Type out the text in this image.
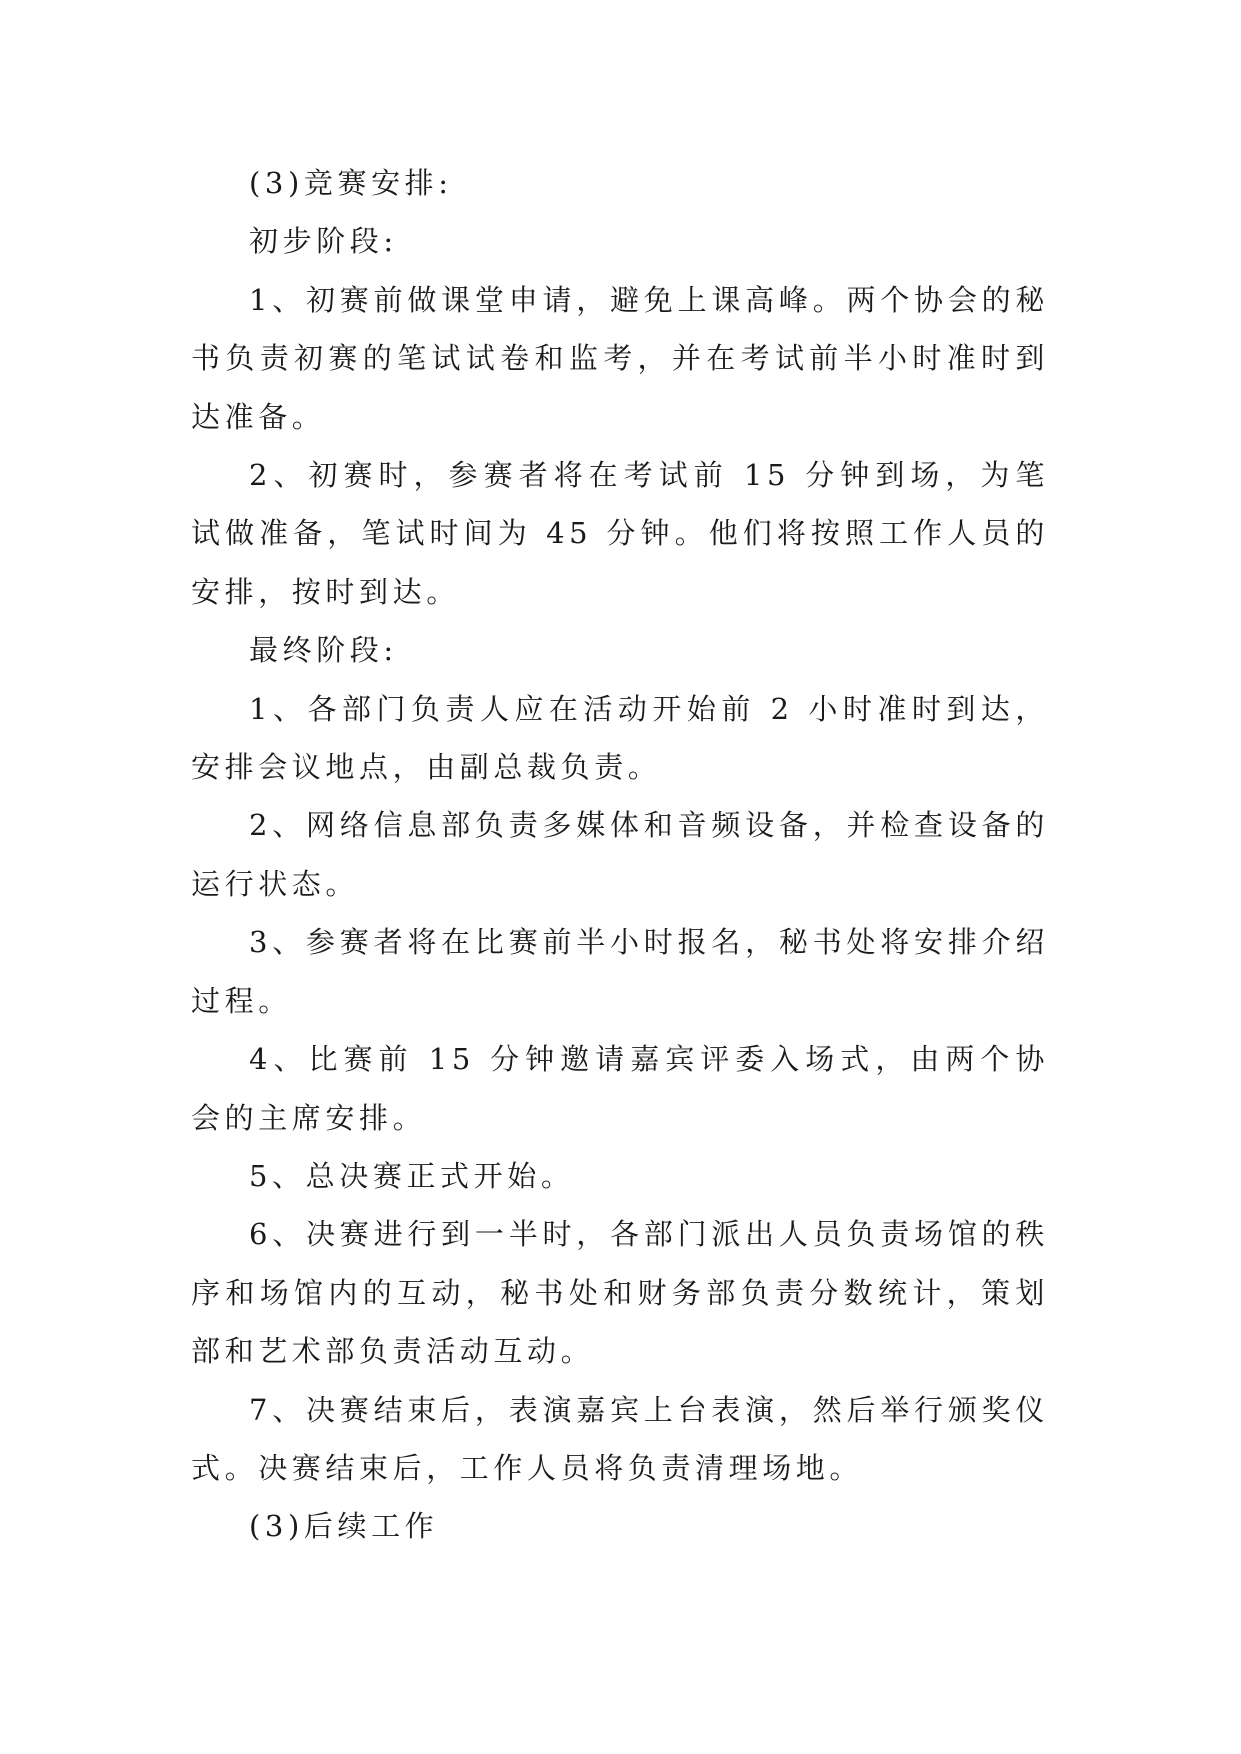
(3)竞赛安排:

初步阶段:

1、初赛前做课堂申请，避免上课高峰。两个协会的秘书负责初赛的笔试试卷和监考，并在考试前半小时准时到达准备。

2、初赛时，参赛者将在考试前 15 分钟到场，为笔试做准备，笔试时间为 45 分钟。他们将按照工作人员的安排，按时到达。

最终阶段:

1、各部门负责人应在活动开始前 2 小时准时到达，安排会议地点，由副总裁负责。

2、网络信息部负责多媒体和音频设备，并检查设备的运行状态。

3、参赛者将在比赛前半小时报名，秘书处将安排介绍过程。

4、比赛前 15 分钟邀请嘉宾评委入场式，由两个协会的主席安排。

5、总决赛正式开始。

6、决赛进行到一半时，各部门派出人员负责场馆的秩序和场馆内的互动，秘书处和财务部负责分数统计，策划部和艺术部负责活动互动。

7、决赛结束后，表演嘉宾上台表演，然后举行颁奖仪式。决赛结束后，工作人员将负责清理场地。

(3)后续工作
